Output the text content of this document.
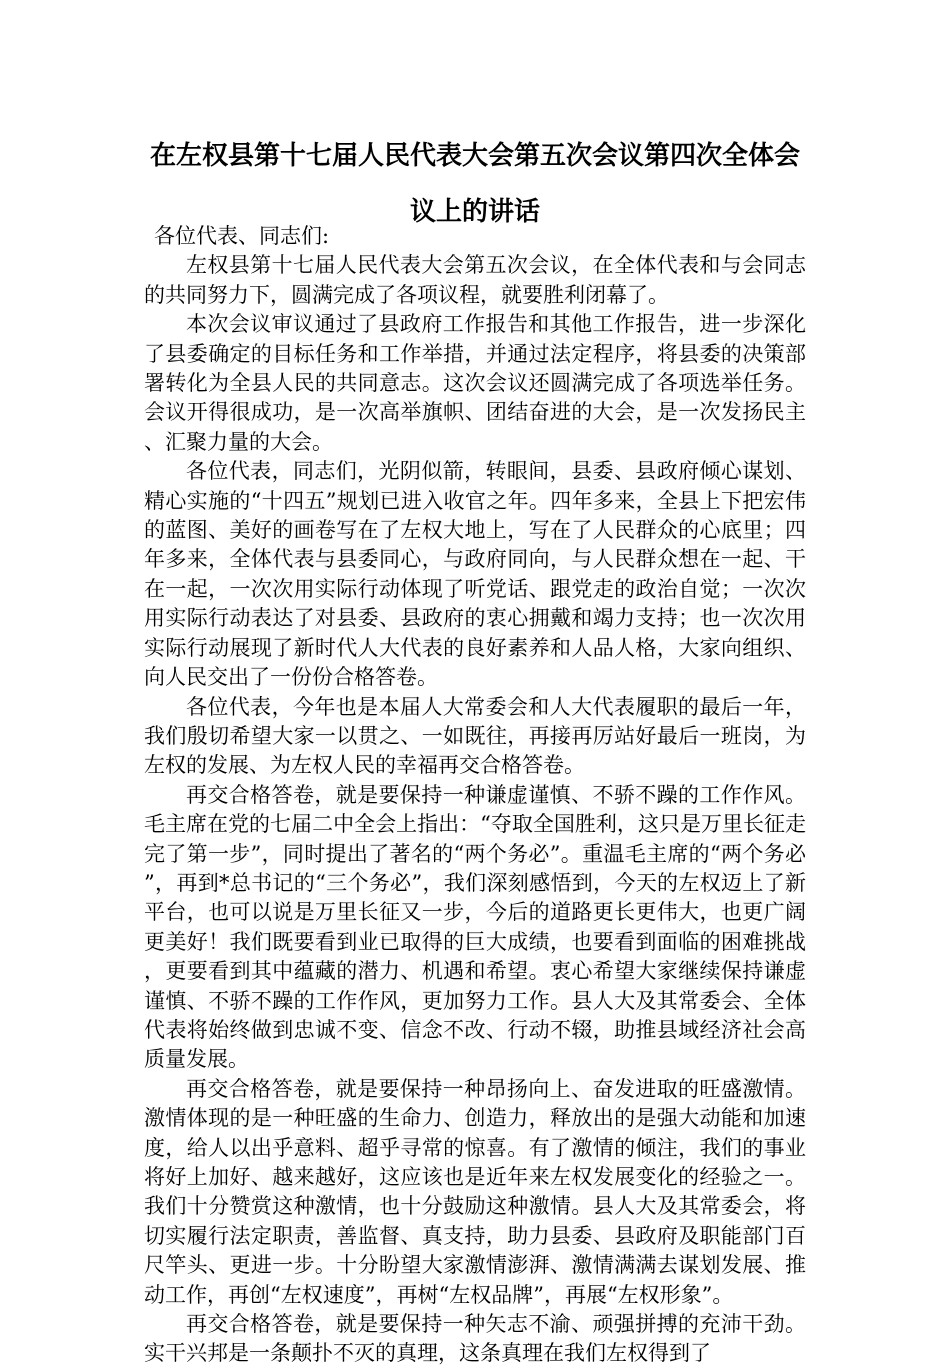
在左权县第十七届人民代表大会第五次会议第四次全体会议上的讲话

各位代表、同志们:

左权县第十七届人民代表大会第五次会议，在全体代表和与会同志的共同努力下，圆满完成了各项议程，就要胜利闭幕了。

本次会议审议通过了县政府工作报告和其他工作报告，进一步深化了县委确定的目标任务和工作举措，并通过法定程序，将县委的决策部署转化为全县人民的共同意志。这次会议还圆满完成了各项选举任务。会议开得很成功，是一次高举旗帜、团结奋进的大会，是一次发扬民主、汇聚力量的大会。

各位代表，同志们，光阴似箭，转眼间，县委、县政府倾心谋划、精心实施的“十四五”规划已进入收官之年。四年多来，全县上下把宏伟的蓝图、美好的画卷写在了左权大地上，写在了人民群众的心底里；四年多来，全体代表与县委同心，与政府同向，与人民群众想在一起、干在一起，一次次用实际行动体现了听党话、跟党走的政治自觉；一次次用实际行动表达了对县委、县政府的衷心拥戴和竭力支持；也一次次用实际行动展现了新时代人大代表的良好素养和人品人格，大家向组织、向人民交出了一份份合格答卷。

各位代表，今年也是本届人大常委会和人大代表履职的最后一年，我们殷切希望大家一以贯之、一如既往，再接再厉站好最后一班岗，为左权的发展、为左权人民的幸福再交合格答卷。

再交合格答卷，就是要保持一种谦虚谨慎、不骄不躁的工作作风。毛主席在党的七届二中全会上指出：“夺取全国胜利，这只是万里长征走完了第一步”，同时提出了著名的“两个务必”。重温毛主席的“两个务必”，再到*总书记的“三个务必”，我们深刻感悟到，今天的左权迈上了新平台，也可以说是万里长征又一步，今后的道路更长更伟大，也更广阔更美好！我们既要看到业已取得的巨大成绩，也要看到面临的困难挑战，更要看到其中蕴藏的潜力、机遇和希望。衷心希望大家继续保持谦虚谨慎、不骄不躁的工作作风，更加努力工作。县人大及其常委会、全体代表将始终做到忠诚不变、信念不改、行动不辍，助推县域经济社会高质量发展。

再交合格答卷，就是要保持一种昂扬向上、奋发进取的旺盛激情。激情体现的是一种旺盛的生命力、创造力，释放出的是强大动能和加速度，给人以出乎意料、超乎寻常的惊喜。有了激情的倾注，我们的事业将好上加好、越来越好，这应该也是近年来左权发展变化的经验之一。我们十分赞赏这种激情，也十分鼓励这种激情。县人大及其常委会，将切实履行法定职责，善监督、真支持，助力县委、县政府及职能部门百尺竿头、更进一步。十分盼望大家激情澎湃、激情满满去谋划发展、推动工作，再创“左权速度”，再树“左权品牌”，再展“左权形象”。

再交合格答卷，就是要保持一种矢志不渝、顽强拼搏的充沛干劲。实干兴邦是一条颠扑不灭的真理，这条真理在我们左权得到了
